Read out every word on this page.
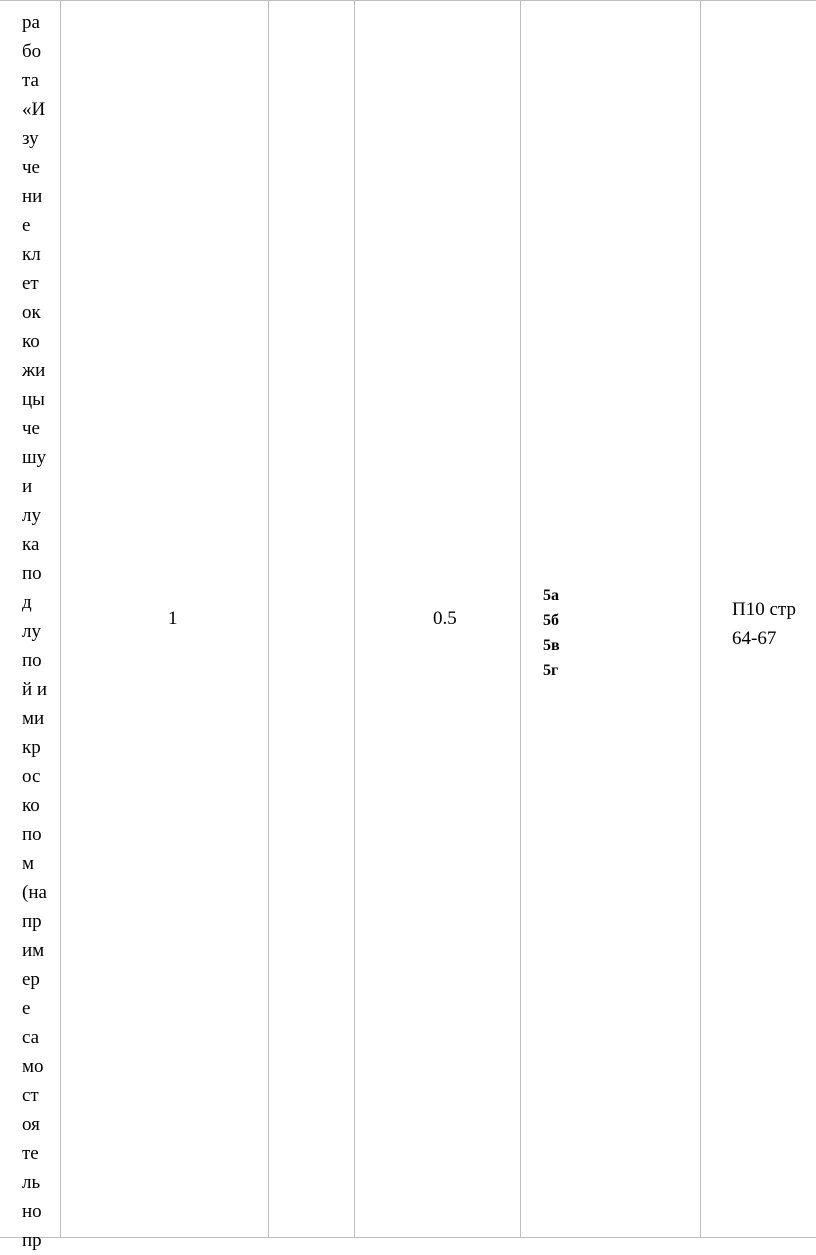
ра
бо
та
«И
зу
че
ни
е
кл
ет
ок
ко
жи
цы
че
шу
и
лу
ка
по
д
лу
по
й и
ми
кр
ос
ко
по
м
(на
пр
им
ер
е
са
мо
ст
оя
те
ль
но
пр
1	0.5
5а
5б
5в
5г
П10 стр 64-67
